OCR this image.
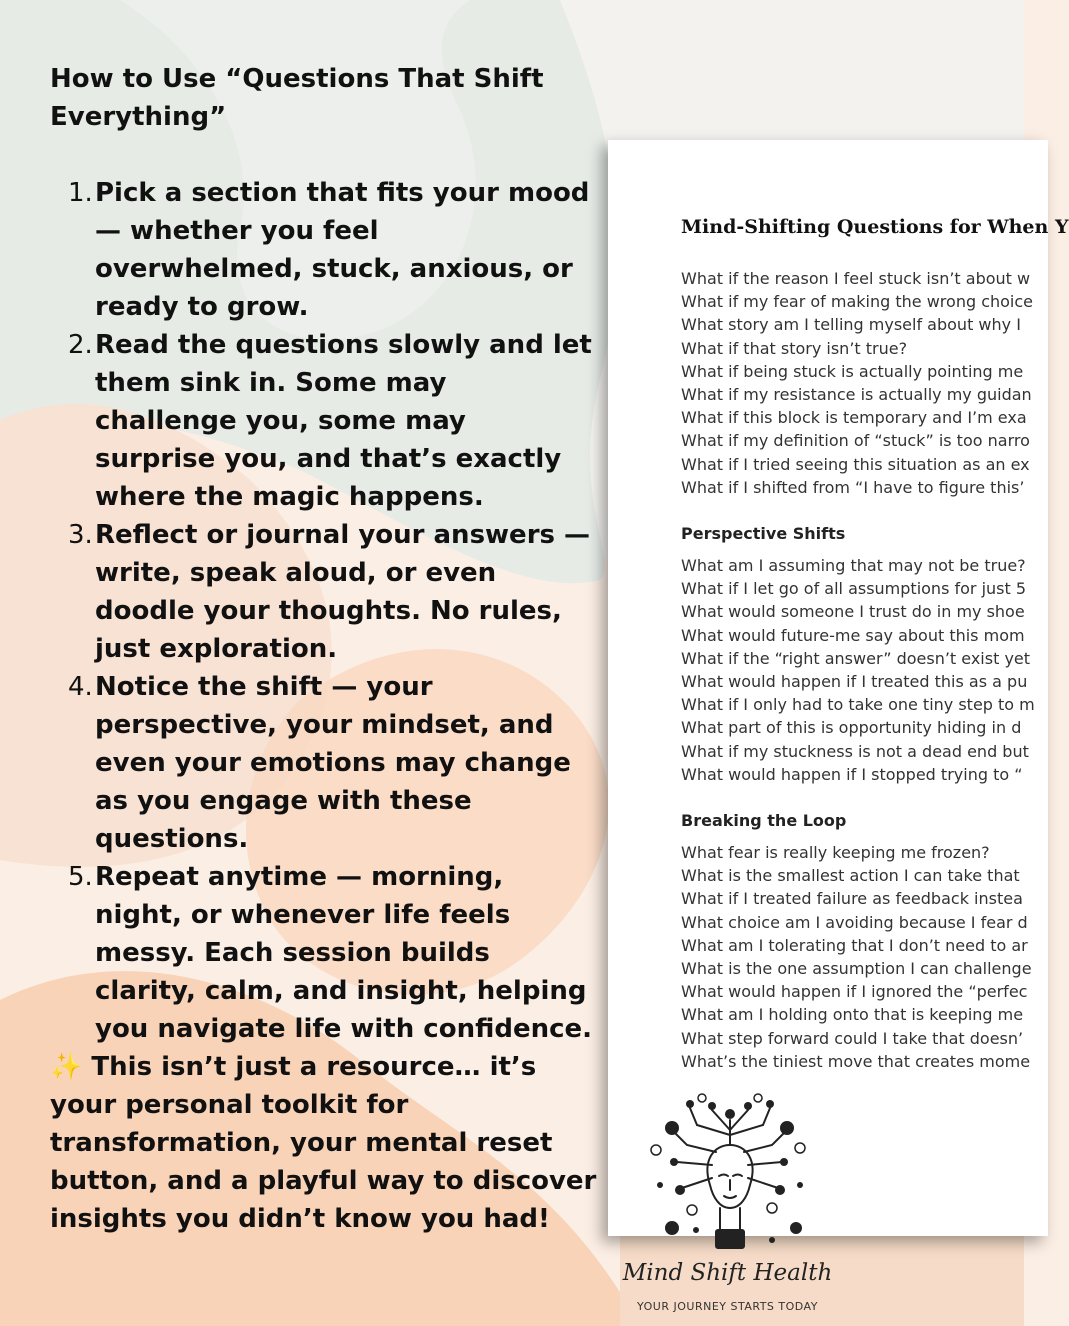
How to Use “Questions That Shift Everything”
1. Pick a section that fits your mood — whether you feel overwhelmed, stuck, anxious, or ready to grow.
2. Read the questions slowly and let them sink in. Some may challenge you, some may surprise you, and that’s exactly where the magic happens.
3. Reflect or journal your answers — write, speak aloud, or even doodle your thoughts. No rules, just exploration.
4. Notice the shift — your perspective, your mindset, and even your emotions may change as you engage with these questions.
5. Repeat anytime — morning, night, or whenever life feels messy. Each session builds clarity, calm, and insight, helping you navigate life with confidence.

✨ This isn’t just a resource… it’s your personal toolkit for transformation, your mental reset button, and a playful way to discover insights you didn’t know you had!

Mind-Shifting Questions for When Y
What if the reason I feel stuck isn’t about w
What if my fear of making the wrong choice
What story am I telling myself about why I
What if that story isn’t true?
What if being stuck is actually pointing me
What if my resistance is actually my guidan
What if this block is temporary and I’m exa
What if my definition of “stuck” is too narro
What if I tried seeing this situation as an ex
What if I shifted from “I have to figure this’
Perspective Shifts
What am I assuming that may not be true?
What if I let go of all assumptions for just 5
What would someone I trust do in my shoe
What would future-me say about this mom
What if the “right answer” doesn’t exist yet
What would happen if I treated this as a pu
What if I only had to take one tiny step to m
What part of this is opportunity hiding in d
What if my stuckness is not a dead end but
What would happen if I stopped trying to “
Breaking the Loop
What fear is really keeping me frozen?
What is the smallest action I can take that
What if I treated failure as feedback instea
What choice am I avoiding because I fear d
What am I tolerating that I don’t need to ar
What is the one assumption I can challenge
What would happen if I ignored the “perfec
What am I holding onto that is keeping me
What step forward could I take that doesn’
What’s the tiniest move that creates mome
Mind Shift Health
YOUR JOURNEY STARTS TODAY
